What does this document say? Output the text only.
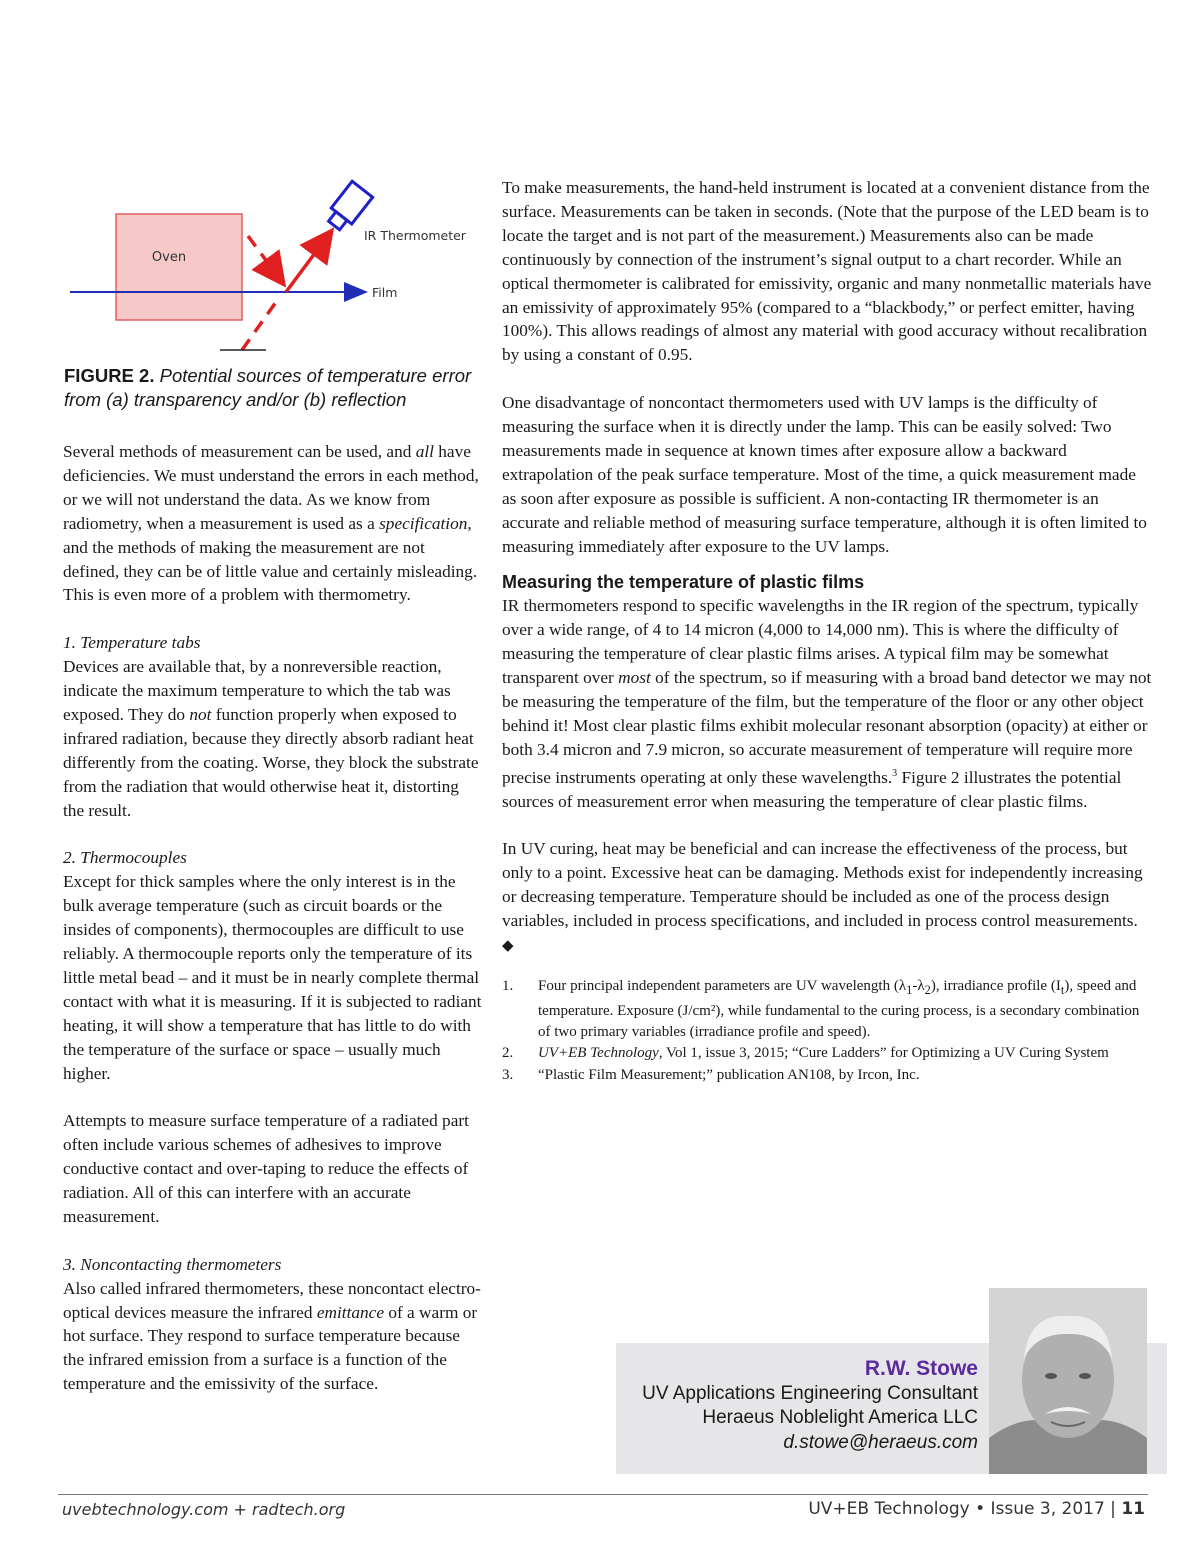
Oven
Film
IR Thermometer
FIGURE 2. Potential sources of temperature error from (a) transparency and/or (b) reflection

Several methods of measurement can be used, and all have deficiencies. We must understand the errors in each method, or we will not understand the data. As we know from radiometry, when a measurement is used as a specification, and the methods of making the measurement are not defined, they can be of little value and certainly misleading. This is even more of a problem with thermometry.

1. Temperature tabs

Devices are available that, by a nonreversible reaction, indicate the maximum temperature to which the tab was exposed. They do not function properly when exposed to infrared radiation, because they directly absorb radiant heat differently from the coating. Worse, they block the substrate from the radiation that would otherwise heat it, distorting the result.

2. Thermocouples

Except for thick samples where the only interest is in the bulk average temperature (such as circuit boards or the insides of components), thermocouples are difficult to use reliably. A thermocouple reports only the temperature of its little metal bead – and it must be in nearly complete thermal contact with what it is measuring. If it is subjected to radiant heating, it will show a temperature that has little to do with the temperature of the surface or space – usually much higher.

Attempts to measure surface temperature of a radiated part often include various schemes of adhesives to improve conductive contact and over-taping to reduce the effects of radiation. All of this can interfere with an accurate measurement.

3. Noncontacting thermometers

Also called infrared thermometers, these noncontact electro-optical devices measure the infrared emittance of a warm or hot surface. They respond to surface temperature because the infrared emission from a surface is a function of the temperature and the emissivity of the surface.

To make measurements, the hand-held instrument is located at a convenient distance from the surface. Measurements can be taken in seconds. (Note that the purpose of the LED beam is to locate the target and is not part of the measurement.) Measurements also can be made continuously by connection of the instrument’s signal output to a chart recorder. While an optical thermometer is calibrated for emissivity, organic and many nonmetallic materials have an emissivity of approximately 95% (compared to a “blackbody,” or perfect emitter, having 100%). This allows readings of almost any material with good accuracy without recalibration by using a constant of 0.95.

One disadvantage of noncontact thermometers used with UV lamps is the difficulty of measuring the surface when it is directly under the lamp. This can be easily solved: Two measurements made in sequence at known times after exposure allow a backward extrapolation of the peak surface temperature. Most of the time, a quick measurement made as soon after exposure as possible is sufficient. A non-contacting IR thermometer is an accurate and reliable method of measuring surface temperature, although it is often limited to measuring immediately after exposure to the UV lamps.

Measuring the temperature of plastic films

IR thermometers respond to specific wavelengths in the IR region of the spectrum, typically over a wide range, of 4 to 14 micron (4,000 to 14,000 nm). This is where the difficulty of measuring the temperature of clear plastic films arises. A typical film may be somewhat transparent over most of the spectrum, so if measuring with a broad band detector we may not be measuring the temperature of the film, but the temperature of the floor or any other object behind it! Most clear plastic films exhibit molecular resonant absorption (opacity) at either or both 3.4 micron and 7.9 micron, so accurate measurement of temperature will require more precise instruments operating at only these wavelengths.$^3$ Figure 2 illustrates the potential sources of measurement error when measuring the temperature of clear plastic films.

In UV curing, heat may be beneficial and can increase the effectiveness of the process, but only to a point. Excessive heat can be damaging. Methods exist for independently increasing or decreasing temperature. Temperature should be included as one of the process design variables, included in process specifications, and included in process control measurements.  ◆

1.	Four principal independent parameters are UV wavelength $(\lambda_1-\lambda_2)$, irradiance profile $(I_t)$, speed and temperature. Exposure (J/cm²), while fundamental to the curing process, is a secondary combination of two primary variables (irradiance profile and speed).
2.	UV+EB Technology, Vol 1, issue 3, 2015; “Cure Ladders” for Optimizing a UV Curing System
3.	“Plastic Film Measurement;” publication AN108, by Ircon, Inc.
R.W. Stowe
UV Applications Engineering Consultant
Heraeus Noblelight America LLC
d.stowe@heraeus.com
uvebtechnology.com + radtech.org	UV+EB Technology • Issue 3, 2017 | 11
